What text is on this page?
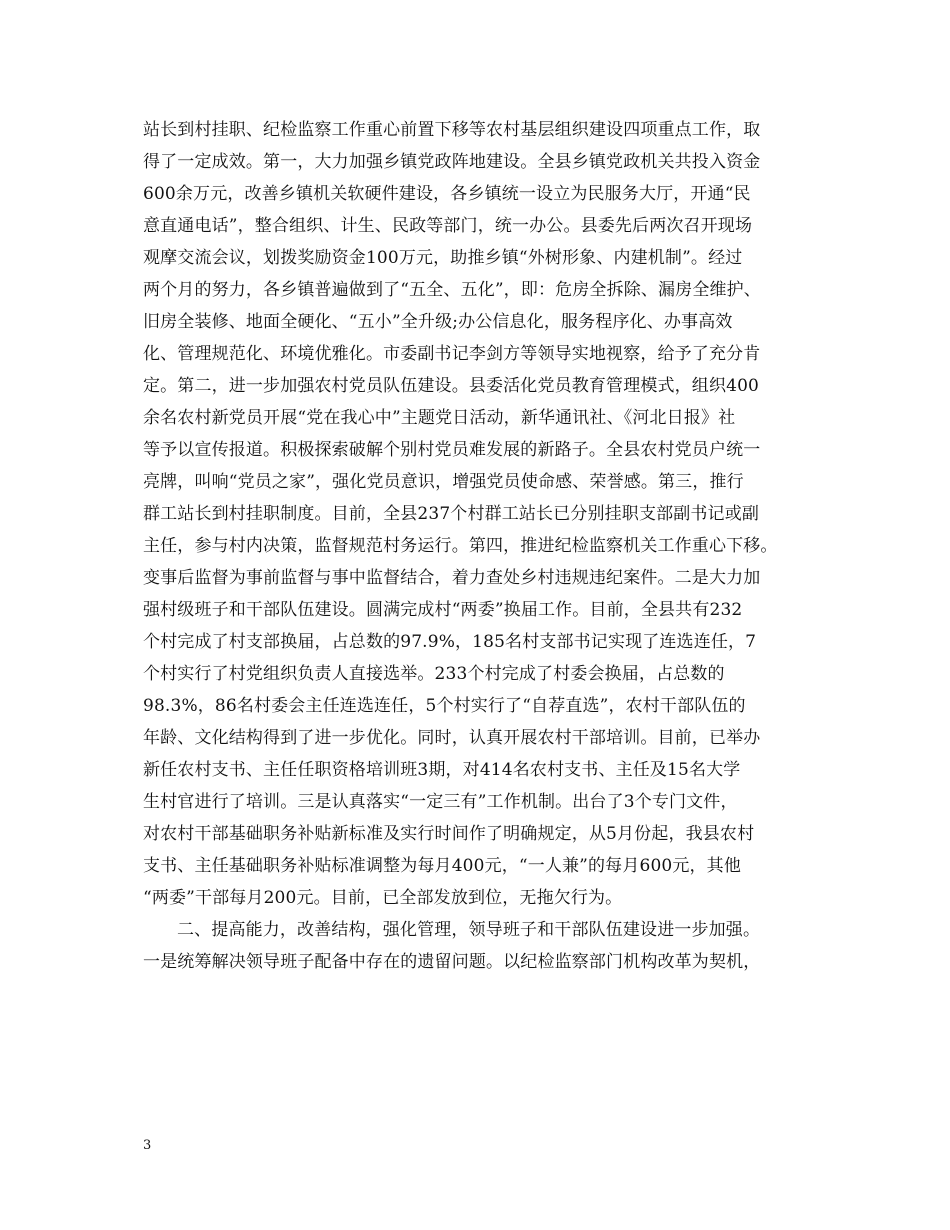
站长到村挂职、纪检监察工作重心前置下移等农村基层组织建设四项重点工作，取
得了一定成效。第一，大力加强乡镇党政阵地建设。全县乡镇党政机关共投入资金
600余万元，改善乡镇机关软硬件建设，各乡镇统一设立为民服务大厅，开通“民
意直通电话”，整合组织、计生、民政等部门，统一办公。县委先后两次召开现场
观摩交流会议，划拨奖励资金100万元，助推乡镇“外树形象、内建机制”。经过
两个月的努力，各乡镇普遍做到了“五全、五化”，即：危房全拆除、漏房全维护、
旧房全装修、地面全硬化、“五小”全升级;办公信息化，服务程序化、办事高效
化、管理规范化、环境优雅化。市委副书记李剑方等领导实地视察，给予了充分肯
定。第二，进一步加强农村党员队伍建设。县委活化党员教育管理模式，组织400
余名农村新党员开展“党在我心中”主题党日活动，新华通讯社、《河北日报》社
等予以宣传报道。积极探索破解个别村党员难发展的新路子。全县农村党员户统一
亮牌，叫响“党员之家”，强化党员意识，增强党员使命感、荣誉感。第三，推行
群工站长到村挂职制度。目前，全县237个村群工站长已分别挂职支部副书记或副
主任，参与村内决策，监督规范村务运行。第四，推进纪检监察机关工作重心下移。
变事后监督为事前监督与事中监督结合，着力查处乡村违规违纪案件。二是大力加
强村级班子和干部队伍建设。圆满完成村“两委”换届工作。目前，全县共有232
个村完成了村支部换届，占总数的97.9%，185名村支部书记实现了连选连任，7
个村实行了村党组织负责人直接选举。233个村完成了村委会换届，占总数的
98.3%，86名村委会主任连选连任，5个村实行了“自荐直选”，农村干部队伍的
年龄、文化结构得到了进一步优化。同时，认真开展农村干部培训。目前，已举办
新任农村支书、主任任职资格培训班3期，对414名农村支书、主任及15名大学
生村官进行了培训。三是认真落实“一定三有”工作机制。出台了3个专门文件，
对农村干部基础职务补贴新标准及实行时间作了明确规定，从5月份起，我县农村
支书、主任基础职务补贴标准调整为每月400元，“一人兼”的每月600元，其他
“两委”干部每月200元。目前，已全部发放到位，无拖欠行为。
二、提高能力，改善结构，强化管理，领导班子和干部队伍建设进一步加强。
一是统筹解决领导班子配备中存在的遗留问题。以纪检监察部门机构改革为契机，
3
